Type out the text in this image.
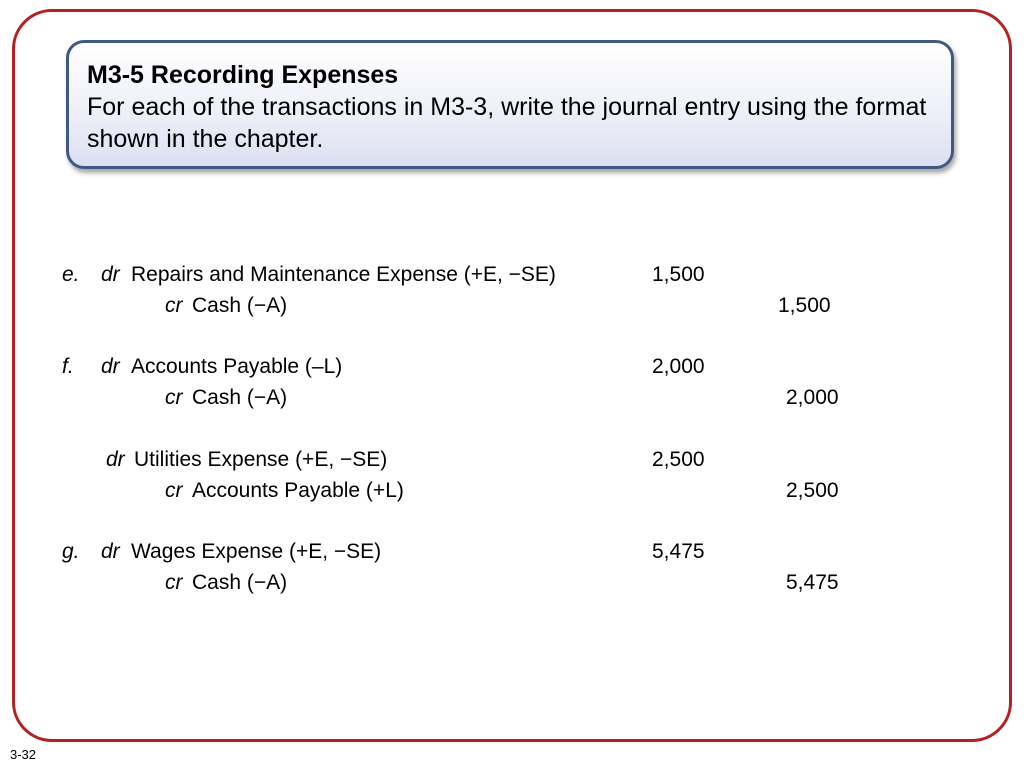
M3-5 Recording Expenses
For each of the transactions in M3-3, write the journal entry using the format shown in the chapter.
e. dr Repairs and Maintenance Expense (+E, −SE)	1,500
cr Cash (−A)	1,500
f. dr Accounts Payable (–L)	2,000
cr Cash (−A)	2,000
dr Utilities Expense (+E, −SE)	2,500
cr Accounts Payable (+L)	2,500
g. dr Wages Expense (+E, −SE)	5,475
cr Cash (−A)	5,475
3-32
